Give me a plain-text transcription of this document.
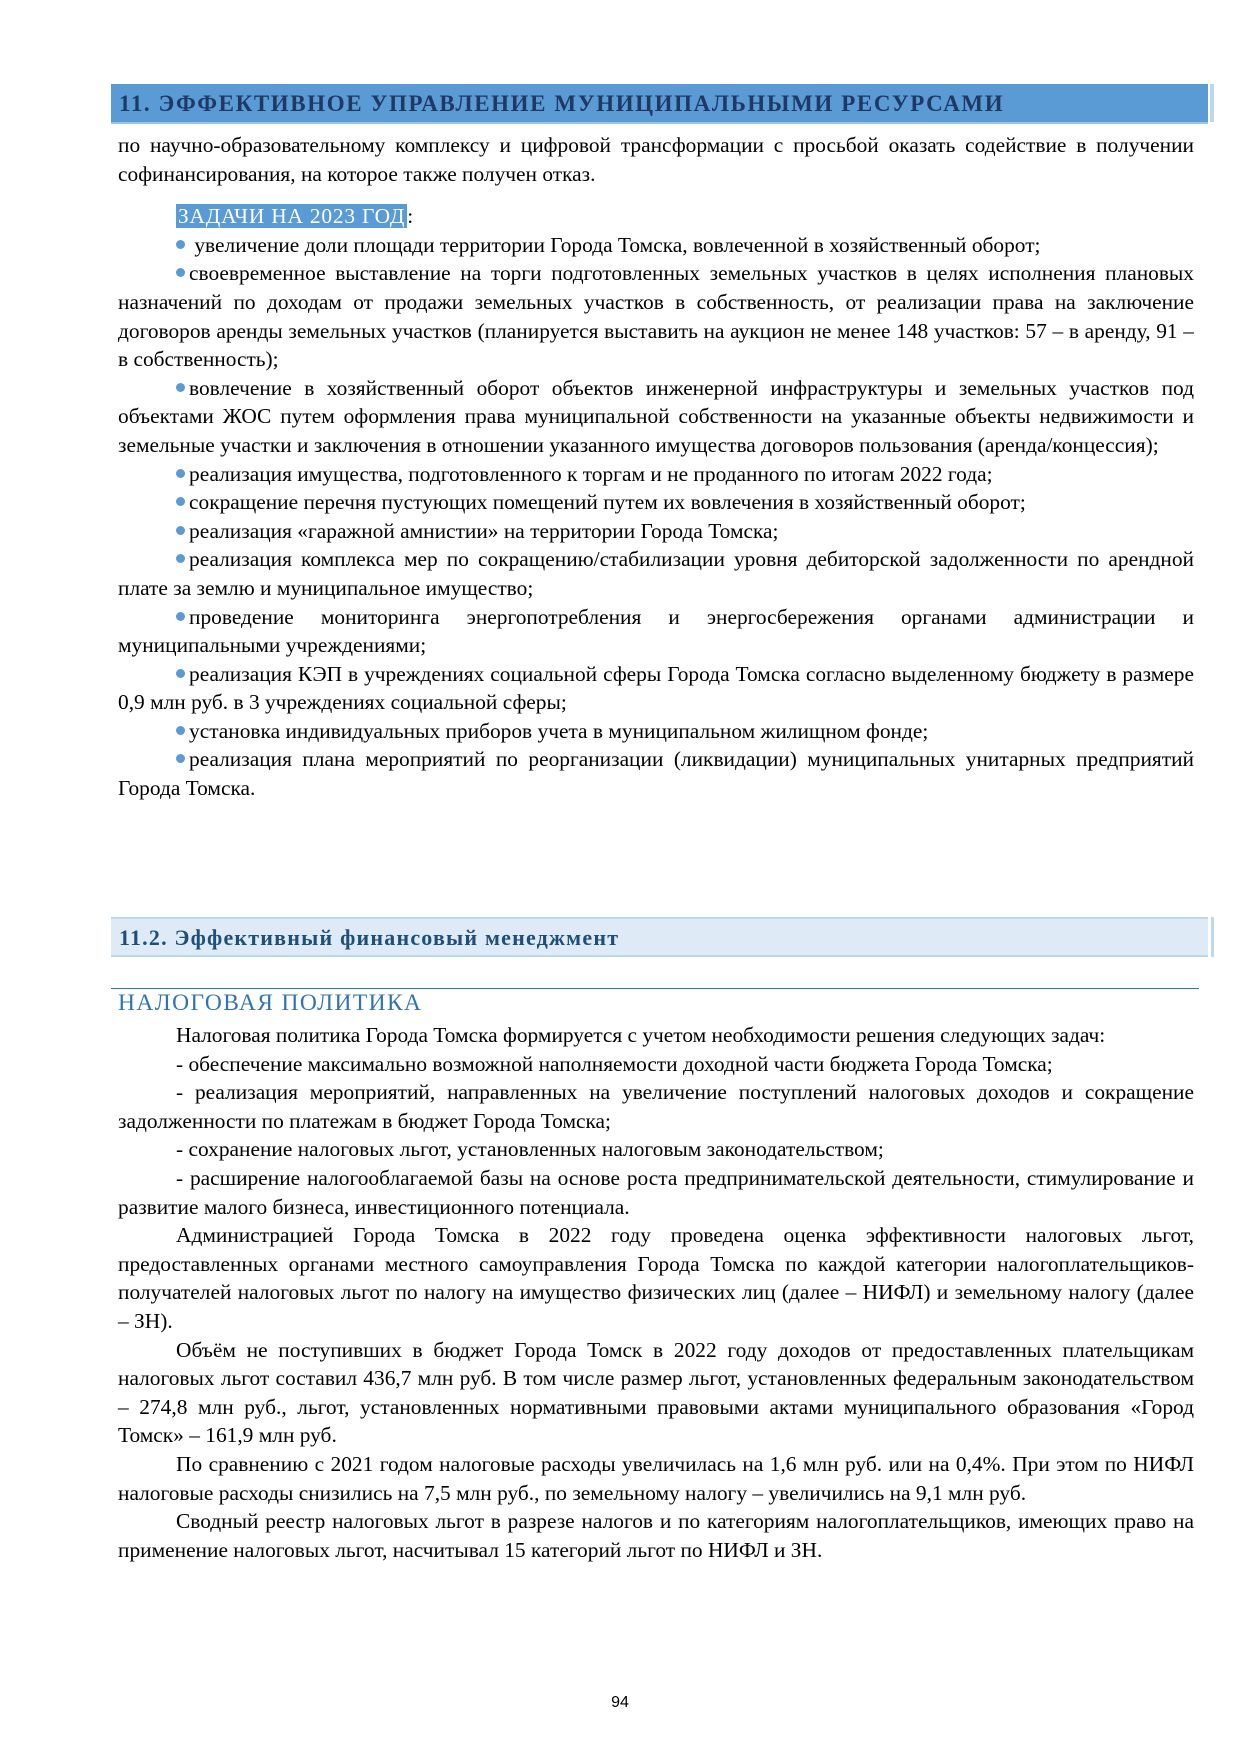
11. ЭФФЕКТИВНОЕ УПРАВЛЕНИЕ МУНИЦИПАЛЬНЫМИ РЕСУРСАМИ

по научно-образовательному комплексу и цифровой трансформации с просьбой оказать содействие в получении софинансирования, на которое также получен отказ.

ЗАДАЧИ НА 2023 ГОД:

увеличение доли площади территории Города Томска, вовлеченной в хозяйственный оборот;

своевременное выставление на торги подготовленных земельных участков в целях исполнения плановых назначений по доходам от продажи земельных участков в собственность, от реализации права на заключение договоров аренды земельных участков (планируется выставить на аукцион не менее 148 участков: 57 – в аренду, 91 – в собственность);

вовлечение в хозяйственный оборот объектов инженерной инфраструктуры и земельных участков под объектами ЖОС путем оформления права муниципальной собственности на указанные объекты недвижимости и земельные участки и заключения в отношении указанного имущества договоров пользования (аренда/концессия);

реализация имущества, подготовленного к торгам и не проданного по итогам 2022 года;

сокращение перечня пустующих помещений путем их вовлечения в хозяйственный оборот;

реализация «гаражной амнистии» на территории Города Томска;

реализация комплекса мер по сокращению/стабилизации уровня дебиторской задолженности по арендной плате за землю и муниципальное имущество;

проведение мониторинга энергопотребления и энергосбережения органами администрации и муниципальными учреждениями;

реализация КЭП в учреждениях социальной сферы Города Томска согласно выделенному бюджету в размере 0,9 млн руб. в 3 учреждениях социальной сферы;

установка индивидуальных приборов учета в муниципальном жилищном фонде;

реализация плана мероприятий по реорганизации (ликвидации) муниципальных унитарных предприятий Города Томска.

11.2. Эффективный финансовый менеджмент
НАЛОГОВАЯ ПОЛИТИКА

Налоговая политика Города Томска формируется с учетом необходимости решения следующих задач:

- обеспечение максимально возможной наполняемости доходной части бюджета Города Томска;

- реализация мероприятий, направленных на увеличение поступлений налоговых доходов и сокращение задолженности по платежам в бюджет Города Томска;

- сохранение налоговых льгот, установленных налоговым законодательством;

- расширение налогооблагаемой базы на основе роста предпринимательской деятельности, стимулирование и развитие малого бизнеса, инвестиционного потенциала.

Администрацией Города Томска в 2022 году проведена оценка эффективности налоговых льгот, предоставленных органами местного самоуправления Города Томска по каждой категории налогоплательщиков-получателей налоговых льгот по налогу на имущество физических лиц (далее – НИФЛ) и земельному налогу (далее – ЗН).

Объём не поступивших в бюджет Города Томск в 2022 году доходов от предоставленных плательщикам налоговых льгот составил 436,7 млн руб. В том числе размер льгот, установленных федеральным законодательством – 274,8 млн руб., льгот, установленных нормативными правовыми актами муниципального образования «Город Томск» – 161,9 млн руб.

По сравнению с 2021 годом налоговые расходы увеличилась на 1,6 млн руб. или на 0,4%. При этом по НИФЛ налоговые расходы снизились на 7,5 млн руб., по земельному налогу – увеличились на 9,1 млн руб.

Сводный реестр налоговых льгот в разрезе налогов и по категориям налогоплательщиков, имеющих право на применение налоговых льгот, насчитывал 15 категорий льгот по НИФЛ и ЗН.

94
